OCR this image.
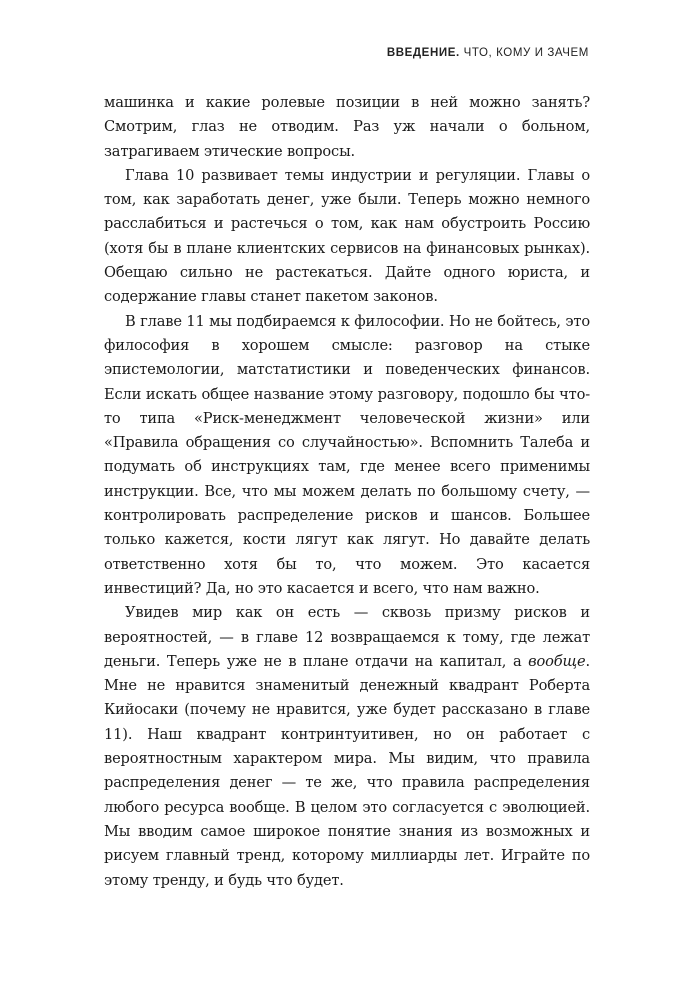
ВВЕДЕНИЕ. ЧТО, КОМУ И ЗАЧЕМ

машинка и какие ролевые позиции в ней можно занять? Смотрим, глаз не отводим. Раз уж начали о больном, затрагиваем этические вопросы.

Глава 10 развивает темы индустрии и регуляции. Главы о том, как заработать денег, уже были. Теперь можно немного расслабиться и растечься о том, как нам обустроить Россию (хотя бы в плане клиентских сервисов на финансовых рынках). Обещаю сильно не растекаться. Дайте одного юриста, и содержание главы станет пакетом законов.

В главе 11 мы подбираемся к философии. Но не бойтесь, это философия в хорошем смысле: разговор на стыке эпистемологии, матстатистики и поведенческих финансов. Если искать общее название этому разговору, подошло бы что-то типа «Риск-менеджмент человеческой жизни» или «Правила обращения со случайностью». Вспомнить Талеба и подумать об инструкциях там, где менее всего применимы инструкции. Все, что мы можем делать по большому счету, — контролировать распределение рисков и шансов. Большее только кажется, кости лягут как лягут. Но давайте делать ответственно хотя бы то, что можем. Это касается инвестиций? Да, но это касается и всего, что нам важно.

Увидев мир как он есть — сквозь призму рисков и вероятностей, — в главе 12 возвращаемся к тому, где лежат деньги. Теперь уже не в плане отдачи на капитал, а вообще. Мне не нравится знаменитый денежный квадрант Роберта Кийосаки (почему не нравится, уже будет рассказано в главе 11). Наш квадрант контринтуитивен, но он работает с вероятностным характером мира. Мы видим, что правила распределения денег — те же, что правила распределения любого ресурса вообще. В целом это согласуется с эволюцией. Мы вводим самое широкое понятие знания из возможных и рисуем главный тренд, которому миллиарды лет. Играйте по этому тренду, и будь что будет.
